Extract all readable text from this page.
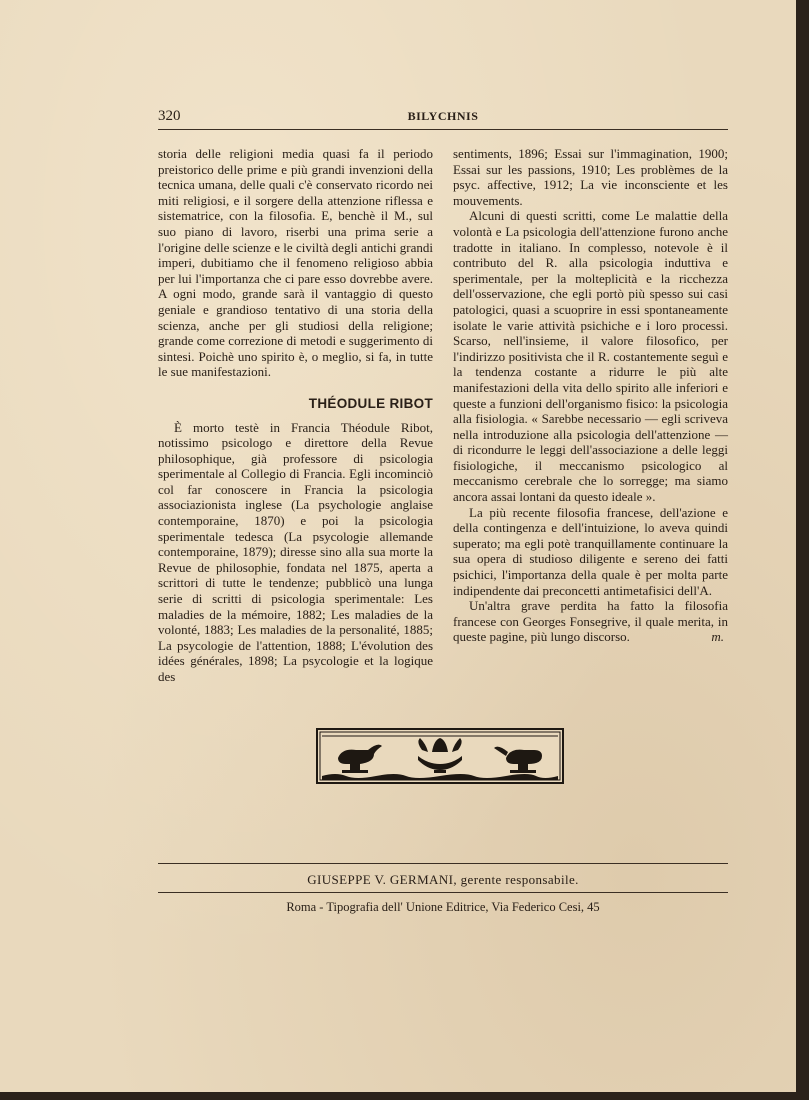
320	BILYCHNIS

storia delle religioni media quasi fa il periodo preistorico delle prime e più grandi invenzioni della tecnica umana, delle quali c'è conservato ricordo nei miti religiosi, e il sorgere della attenzione riflessa e sistematrice, con la filosofia. E, benchè il M., sul suo piano di lavoro, riserbi una prima serie a l'origine delle scienze e le civiltà degli antichi grandi imperi, dubitiamo che il fenomeno religioso abbia per lui l'importanza che ci pare esso dovrebbe avere. A ogni modo, grande sarà il vantaggio di questo geniale e grandioso tentativo di una storia della scienza, anche per gli studiosi della religione; grande come correzione di metodi e suggerimento di sintesi. Poichè uno spirito è, o meglio, si fa, in tutte le sue manifestazioni.

THÉODULE RIBOT

È morto testè in Francia Théodule Ribot, notissimo psicologo e direttore della Revue philosophique, già professore di psicologia sperimentale al Collegio di Francia. Egli incominciò col far conoscere in Francia la psicologia associazionista inglese (La psychologie anglaise contemporaine, 1870) e poi la psicologia sperimentale tedesca (La psycologie allemande contemporaine, 1879); diresse sino alla sua morte la Revue de philosophie, fondata nel 1875, aperta a scrittori di tutte le tendenze; pubblicò una lunga serie di scritti di psicologia sperimentale: Les maladies de la mémoire, 1882; Les maladies de la volonté, 1883; Les maladies de la personalité, 1885; La psycologie de l'attention, 1888; L'évolution des idées générales, 1898; La psycologie et la logique des

sentiments, 1896; Essai sur l'immagination, 1900; Essai sur les passions, 1910; Les problèmes de la psyc. affective, 1912; La vie inconsciente et les mouvements.

Alcuni di questi scritti, come Le malattie della volontà e La psicologia dell'attenzione furono anche tradotte in italiano. In complesso, notevole è il contributo del R. alla psicologia induttiva e sperimentale, per la molteplicità e la ricchezza dell'osservazione, che egli portò più spesso sui casi patologici, quasi a scuoprire in essi spontaneamente isolate le varie attività psichiche e i loro processi. Scarso, nell'insieme, il valore filosofico, per l'indirizzo positivista che il R. costantemente seguì e la tendenza costante a ridurre le più alte manifestazioni della vita dello spirito alle inferiori e queste a funzioni dell'organismo fisico: la psicologia alla fisiologia. « Sarebbe necessario — egli scriveva nella introduzione alla psicologia dell'attenzione — di ricondurre le leggi dell'associazione a delle leggi fisiologiche, il meccanismo psicologico al meccanismo cerebrale che lo sorregge; ma siamo ancora assai lontani da questo ideale ».

La più recente filosofia francese, dell'azione e della contingenza e dell'intuizione, lo aveva quindi superato; ma egli potè tranquillamente continuare la sua opera di studioso diligente e sereno dei fatti psichici, l'importanza della quale è per molta parte indipendente dai preconcetti antimetafisici dell'A.

Un'altra grave perdita ha fatto la filosofia francese con Georges Fonsegrive, il quale merita, in queste pagine, più lungo discorso.	m.

GIUSEPPE V. GERMANI, gerente responsabile.
Roma - Tipografia dell' Unione Editrice, Via Federico Cesi, 45
